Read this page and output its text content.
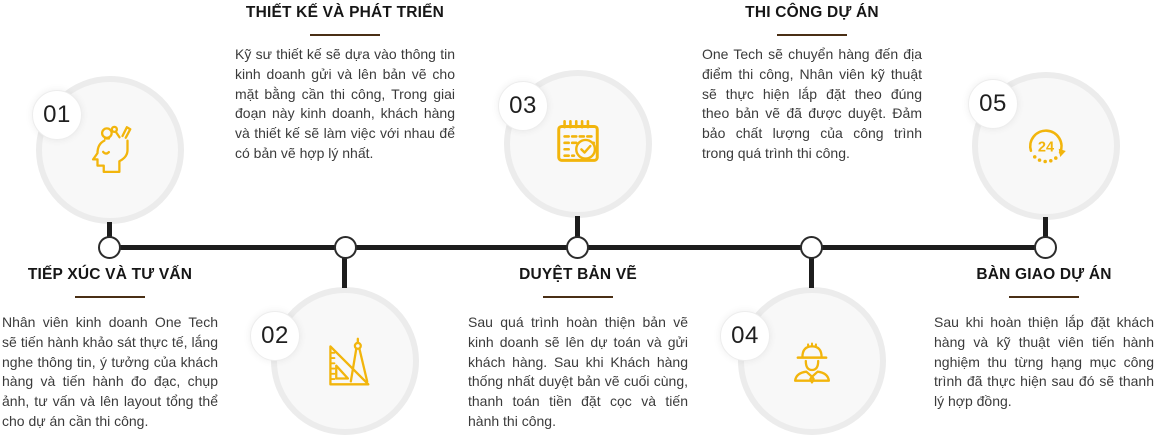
01
TIẾP XÚC VÀ TƯ VẤN

Nhân viên kinh doanh One Tech sẽ tiến hành khảo sát thực tế, lắng nghe thông tin, ý tưởng của khách hàng và tiến hành đo đạc, chụp ảnh, tư vấn và lên layout tổng thể cho dự án cần thi công.

02
THIẾT KẾ VÀ PHÁT TRIỂN

Kỹ sư thiết kế sẽ dựa vào thông tin kinh doanh gửi và lên bản vẽ cho mặt bằng cần thi công, Trong giai đoạn này kinh doanh, khách hàng và thiết kế sẽ làm việc với nhau để có bản vẽ hợp lý nhất.

03
DUYỆT BẢN VẼ

Sau quá trình hoàn thiện bản vẽ kinh doanh sẽ lên dự toán và gửi khách hàng. Sau khi Khách hàng thống nhất duyệt bản vẽ cuối cùng, thanh toán tiền đặt cọc và tiến hành thi công.

04
THI CÔNG DỰ ÁN

One Tech sẽ chuyển hàng đến địa điểm thi công, Nhân viên kỹ thuật sẽ thực hiện lắp đặt theo đúng theo bản vẽ đã được duyệt. Đảm bảo chất lượng của công trình trong quá trình thi công.	24
05
BÀN GIAO DỰ ÁN

Sau khi hoàn thiện lắp đặt khách hàng và kỹ thuật viên tiến hành nghiệm thu từng hạng mục công trình đã thực hiện sau đó sẽ thanh lý hợp đồng.
